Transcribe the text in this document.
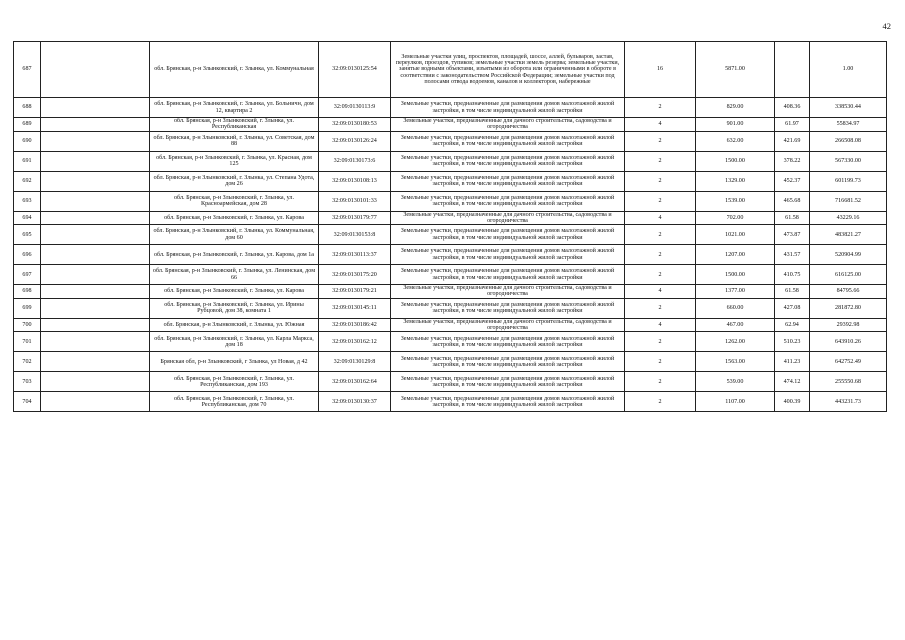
42
687		обл. Брянская, р-н Злынковский, г. Злынка, ул. Коммунальная	32:09:0130125:54	Земельные участки улиц, проспектов, площадей, шоссе, аллей, бульваров, застав, переулков, проездов, тупиков; земельные участки земель резерва; земельные участки, занятые водными объектами, изъятыми из оборота или ограниченными в обороте в соответствии с законодательством Российской Федерации; земельные участки под полосами отвода водоемов, каналов и коллекторов, набережные	16	5871.00		1.00
688		обл. Брянская, р-н Злынковский, г. Злынка, ул. Больничн, дом 12, квартира 2	32:09:0130113:9	Земельные участки, предназначенные для размещения домов малоэтажной жилой застройки, в том числе индивидуальной жилой застройки	2	829.00	408.36	338530.44
689		обл. Брянская, р-н Злынковский, г. Злынка, ул. Республиканская	32:09:0130180:53	Земельные участки, предназначенные для дачного строительства, садоводства и огородничества	4	901.00	61.97	55834.97
690		обл. Брянская, р-н Злынковский, г. Злынка, ул. Советская, дом 88	32:09:0130126:24	Земельные участки, предназначенные для размещения домов малоэтажной жилой застройки, в том числе индивидуальной жилой застройки	2	632.00	421.69	266508.08
691		обл. Брянская, р-н Злынковский, г. Злынка, ул. Красная, дом 125	32:09:0130173:6	Земельные участки, предназначенные для размещения домов малоэтажной жилой застройки, в том числе индивидуальной жилой застройки	2	1500.00	378.22	567330.00
692		обл. Брянская, р-н Злынковский, г. Злынка, ул. Степана Удота, дом 26	32:09:0130108:13	Земельные участки, предназначенные для размещения домов малоэтажной жилой застройки, в том числе индивидуальной жилой застройки	2	1329.00	452.37	601199.73
693		обл. Брянская, р-н Злынковский, г. Злынка, ул. Красноармейская, дом 28	32:09:0130101:33	Земельные участки, предназначенные для размещения домов малоэтажной жилой застройки, в том числе индивидуальной жилой застройки	2	1539.00	465.68	716681.52
694		обл. Брянская, р-н Злынковский, г. Злынка, ул. Карова	32:09:0130179:77	Земельные участки, предназначенные для дачного строительства, садоводства и огородничества	4	702.00	61.58	43229.16
695		обл. Брянская, р-н Злынковский, г. Злынка, ул. Коммунальная, дом 60	32:09:0130153:8	Земельные участки, предназначенные для размещения домов малоэтажной жилой застройки, в том числе индивидуальной жилой застройки	2	1021.00	473.87	483821.27
696		обл. Брянская, р-н Злынковский, г. Злынка, ул. Карова, дом 1а	32:09:0130113:37	Земельные участки, предназначенные для размещения домов малоэтажной жилой застройки, в том числе индивидуальной жилой застройки	2	1207.00	431.57	520904.99
697		обл. Брянская, р-н Злынковский, г. Злынка, ул. Ленинская, дом 66	32:09:0130175:20	Земельные участки, предназначенные для размещения домов малоэтажной жилой застройки, в том числе индивидуальной жилой застройки	2	1500.00	410.75	616125.00
698		обл. Брянская, р-н Злынковский, г. Злынка, ул. Карова	32:09:0130179:21	Земельные участки, предназначенные для дачного строительства, садоводства и огородничества	4	1377.00	61.58	84795.66
699		обл. Брянская, р-н Злынковский, г. Злынка, ул. Ирины Рубцовой, дом 38, комната 1	32:09:0130145:11	Земельные участки, предназначенные для размещения домов малоэтажной жилой застройки, в том числе индивидуальной жилой застройки	2	660.00	427.08	281872.80
700		обл. Брянская, р-н Злынковский, г. Злынка, ул. Южная	32:09:0130186:42	Земельные участки, предназначенные для дачного строительства, садоводства и огородничества	4	467.00	62.94	29392.98
701		обл. Брянская, р-н Злынковский, г. Злынка, ул. Карла Маркса, дом 18	32:09:0130162:12	Земельные участки, предназначенные для размещения домов малоэтажной жилой застройки, в том числе индивидуальной жилой застройки	2	1262.00	510.23	643910.26
702		Брянская обл, р-н Злынковский, г Злынка, ул Новая, д 42	32:09:0130129:8	Земельные участки, предназначенные для размещения домов малоэтажной жилой застройки, в том числе индивидуальной жилой застройки	2	1563.00	411.23	642752.49
703		обл. Брянская, р-н Злынковский, г. Злынка, ул. Республиканская, дом 193	32:09:0130162:64	Земельные участки, предназначенные для размещения домов малоэтажной жилой застройки, в том числе индивидуальной жилой застройки	2	539.00	474.12	255550.68
704		обл. Брянская, р-н Злынковский, г. Злынка, ул. Республиканская, дом 70	32:09:0130130:37	Земельные участки, предназначенные для размещения домов малоэтажной жилой застройки, в том числе индивидуальной жилой застройки	2	1107.00	400.39	443231.73
